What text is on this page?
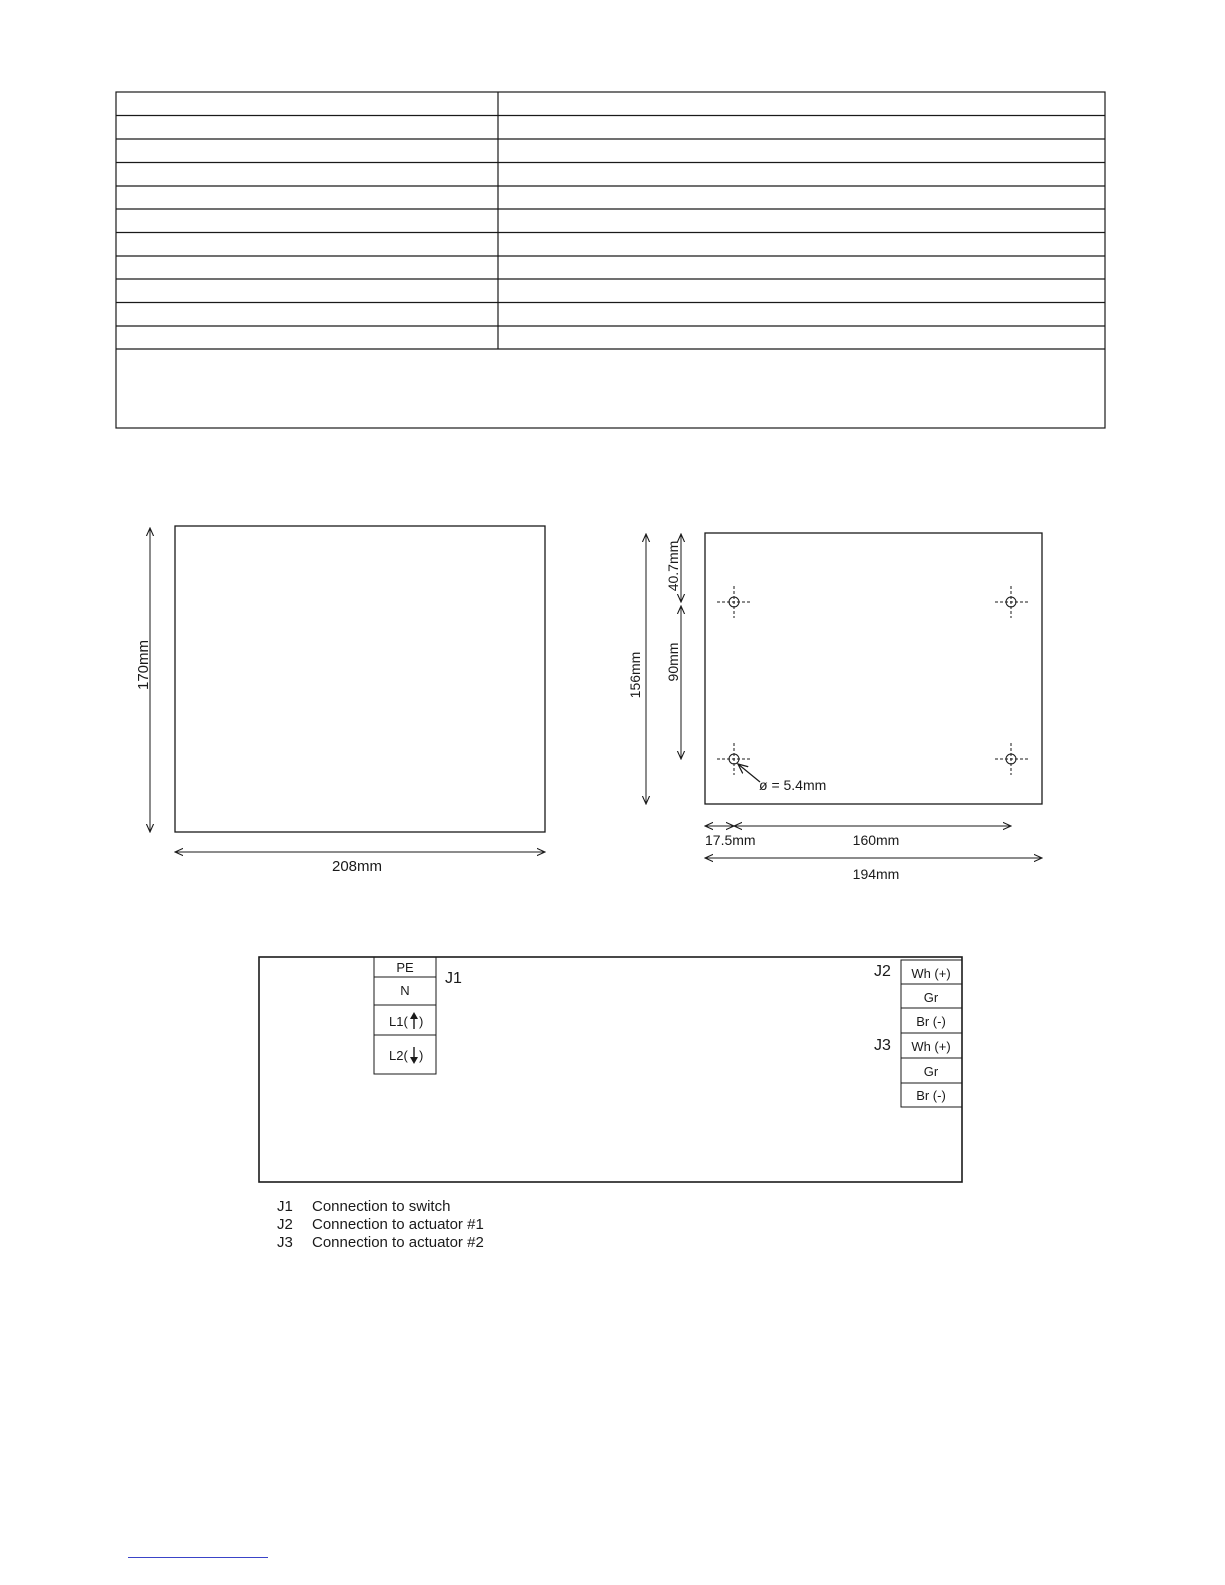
170mm
208mm
156mm
40.7mm
90mm
ø = 5.4mm
17.5mm	160mm
194mm
PE
N
L1( )
L2( )
J1	Wh (+)
Gr
Br (-)
Wh (+)
Gr
Br (-)
J2
J3
J1	Connection to switch
J2	Connection to actuator #1
J3	Connection to actuator #2
